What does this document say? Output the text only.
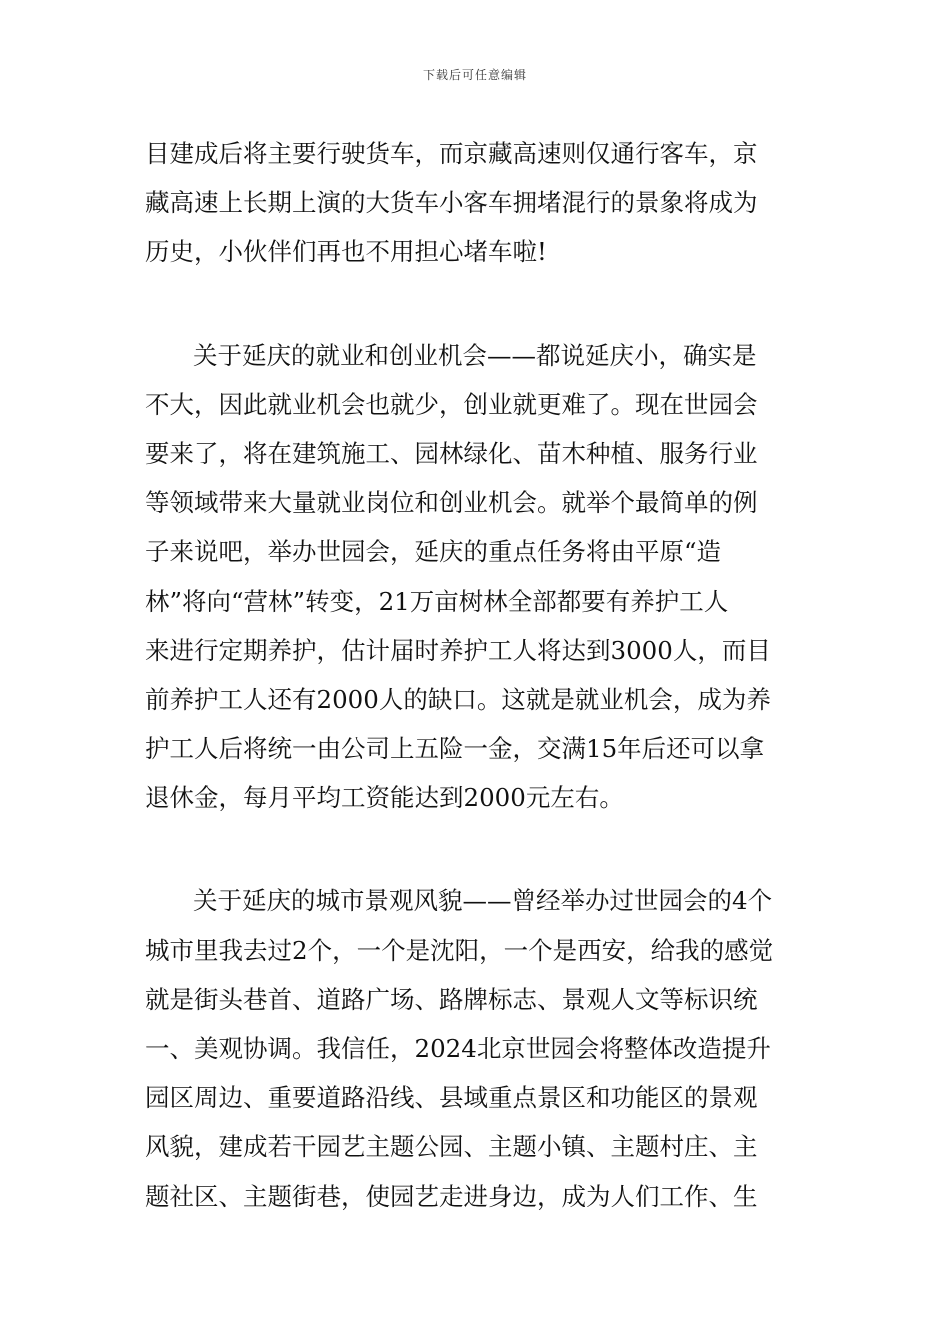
下载后可任意编辑
目建成后将主要行驶货车，而京藏高速则仅通行客车，京
藏高速上长期上演的大货车小客车拥堵混行的景象将成为
历史，小伙伴们再也不用担心堵车啦!
关于延庆的就业和创业机会——都说延庆小，确实是
不大，因此就业机会也就少，创业就更难了。现在世园会
要来了，将在建筑施工、园林绿化、苗木种植、服务行业
等领域带来大量就业岗位和创业机会。就举个最简单的例
子来说吧，举办世园会，延庆的重点任务将由平原“造
林”将向“营林”转变，21万亩树林全部都要有养护工人
来进行定期养护，估计届时养护工人将达到3000人，而目
前养护工人还有2000人的缺口。这就是就业机会，成为养
护工人后将统一由公司上五险一金，交满15年后还可以拿
退休金，每月平均工资能达到2000元左右。
关于延庆的城市景观风貌——曾经举办过世园会的4个
城市里我去过2个，一个是沈阳，一个是西安，给我的感觉
就是街头巷首、道路广场、路牌标志、景观人文等标识统
一、美观协调。我信任，2024北京世园会将整体改造提升
园区周边、重要道路沿线、县域重点景区和功能区的景观
风貌，建成若干园艺主题公园、主题小镇、主题村庄、主
题社区、主题街巷，使园艺走进身边，成为人们工作、生
